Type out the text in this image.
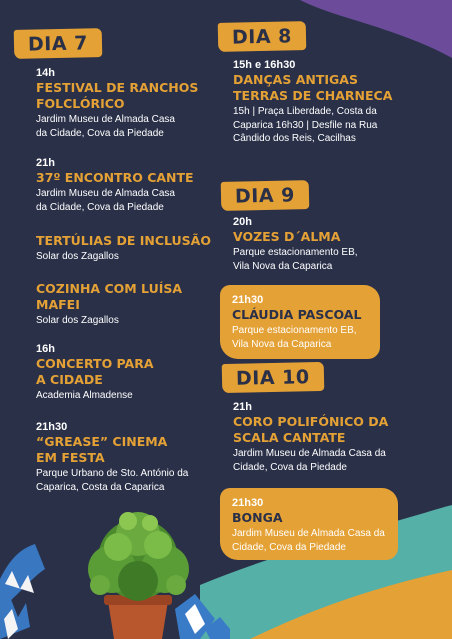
DIA 7
14h
FESTIVAL DE RANCHOS FOLCLÓRICO
Jardim Museu de Almada Casa da Cidade, Cova da Piedade
21h
37º ENCONTRO CANTE
Jardim Museu de Almada Casa da Cidade, Cova da Piedade
TERTÚLIAS DE INCLUSÃO
Solar dos Zagallos
COZINHA COM LUÍSA MAFEI
Solar dos Zagallos
16h
CONCERTO PARA A CIDADE
Academia Almadense
21h30
“GREASE” CINEMA EM FESTA
Parque Urbano de Sto. António da Caparica, Costa da Caparica
DIA 8
15h e 16h30
DANÇAS ANTIGAS TERRAS DE CHARNECA
15h | Praça Liberdade, Costa da Caparica 16h30 | Desfile na Rua Cândido dos Reis, Cacilhas
DIA 9
20h
VOZES D´ALMA
Parque estacionamento EB, Vila Nova da Caparica
21h30
CLÁUDIA PASCOAL
Parque estacionamento EB, Vila Nova da Caparica
DIA 10
21h
CORO POLIFÓNICO DA SCALA CANTATE
Jardim Museu de Almada Casa da Cidade, Cova da Piedade
21h30
BONGA
Jardim Museu de Almada Casa da Cidade, Cova da Piedade
